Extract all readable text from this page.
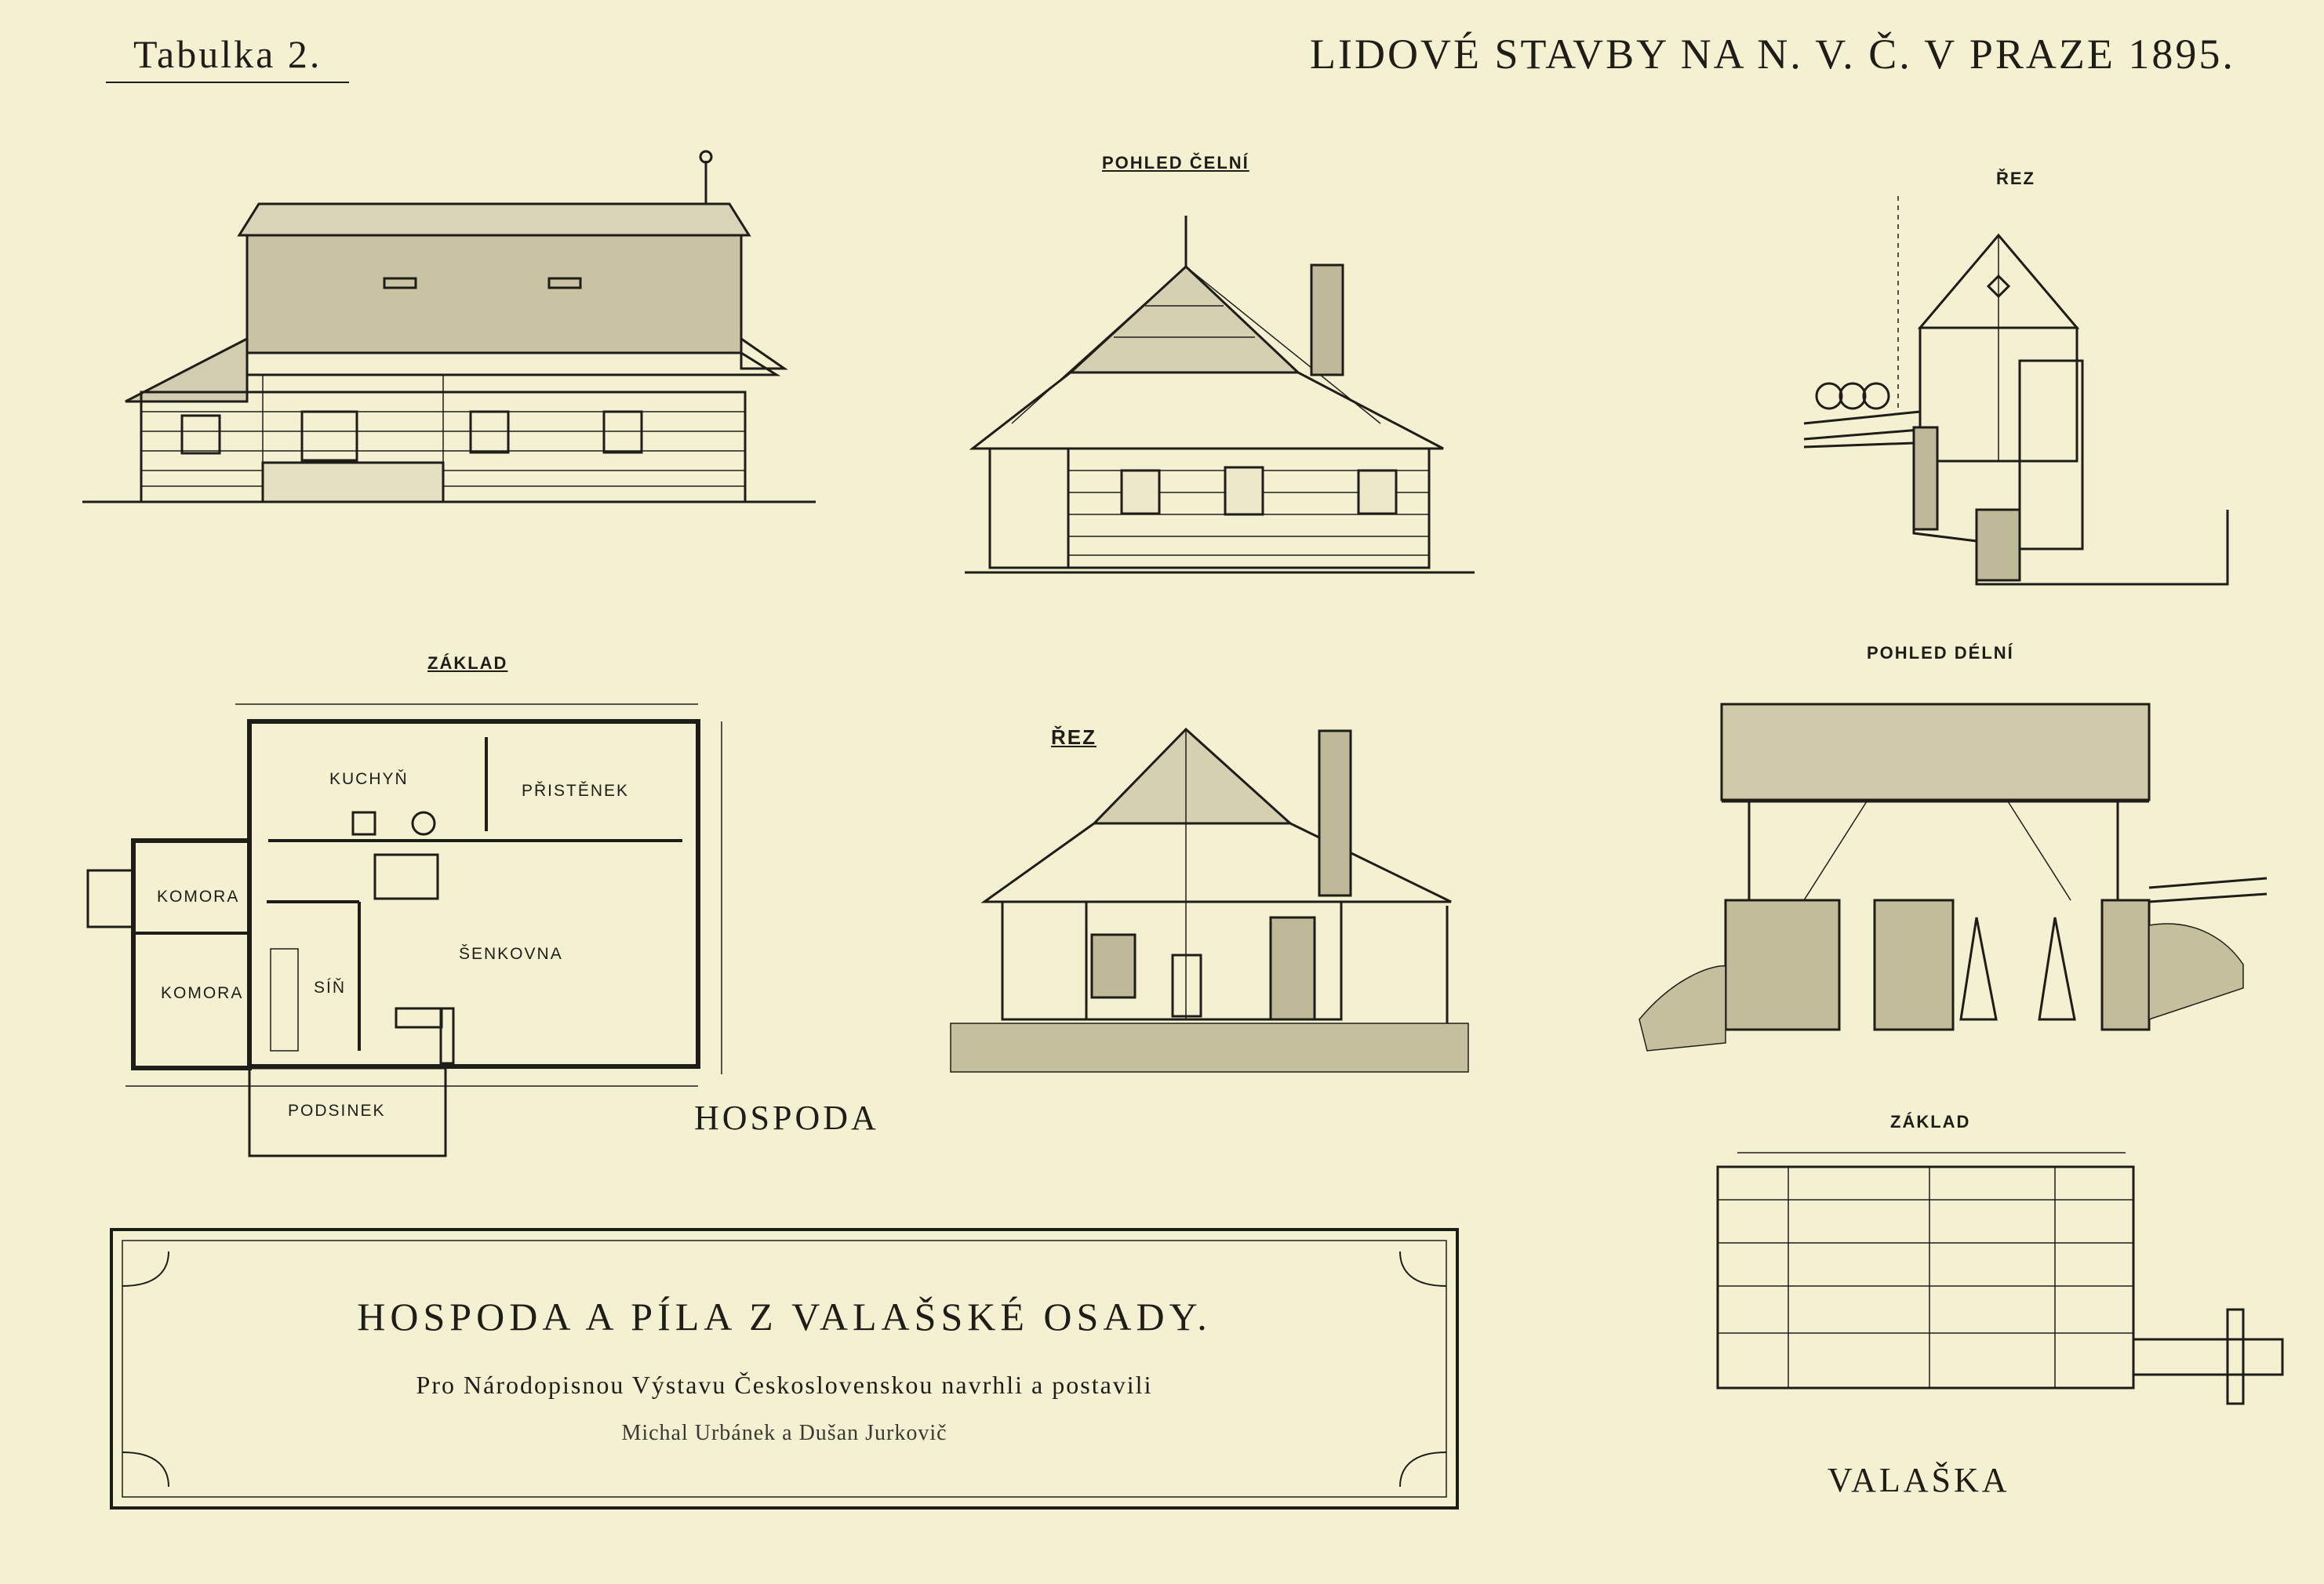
Tabulka 2.	LIDOVÉ STAVBY NA N. V. Č. V PRAZE 1895.
POHLED ČELNÍ
ŘEZ
ZÁKLAD
ŘEZ
POHLED DÉLNÍ
ZÁKLAD
KUCHYŇ
PŘISTĚNEK
KOMORA
KOMORA	SÍŇ
ŠENKOVNA
PODSINEK	HOSPODA
VALAŠKA
HOSPODA A PÍLA Z VALAŠSKÉ OSADY.
Pro Národopisnou Výstavu Československou navrhli a postavili
Michal Urbánek a Dušan Jurkovič
